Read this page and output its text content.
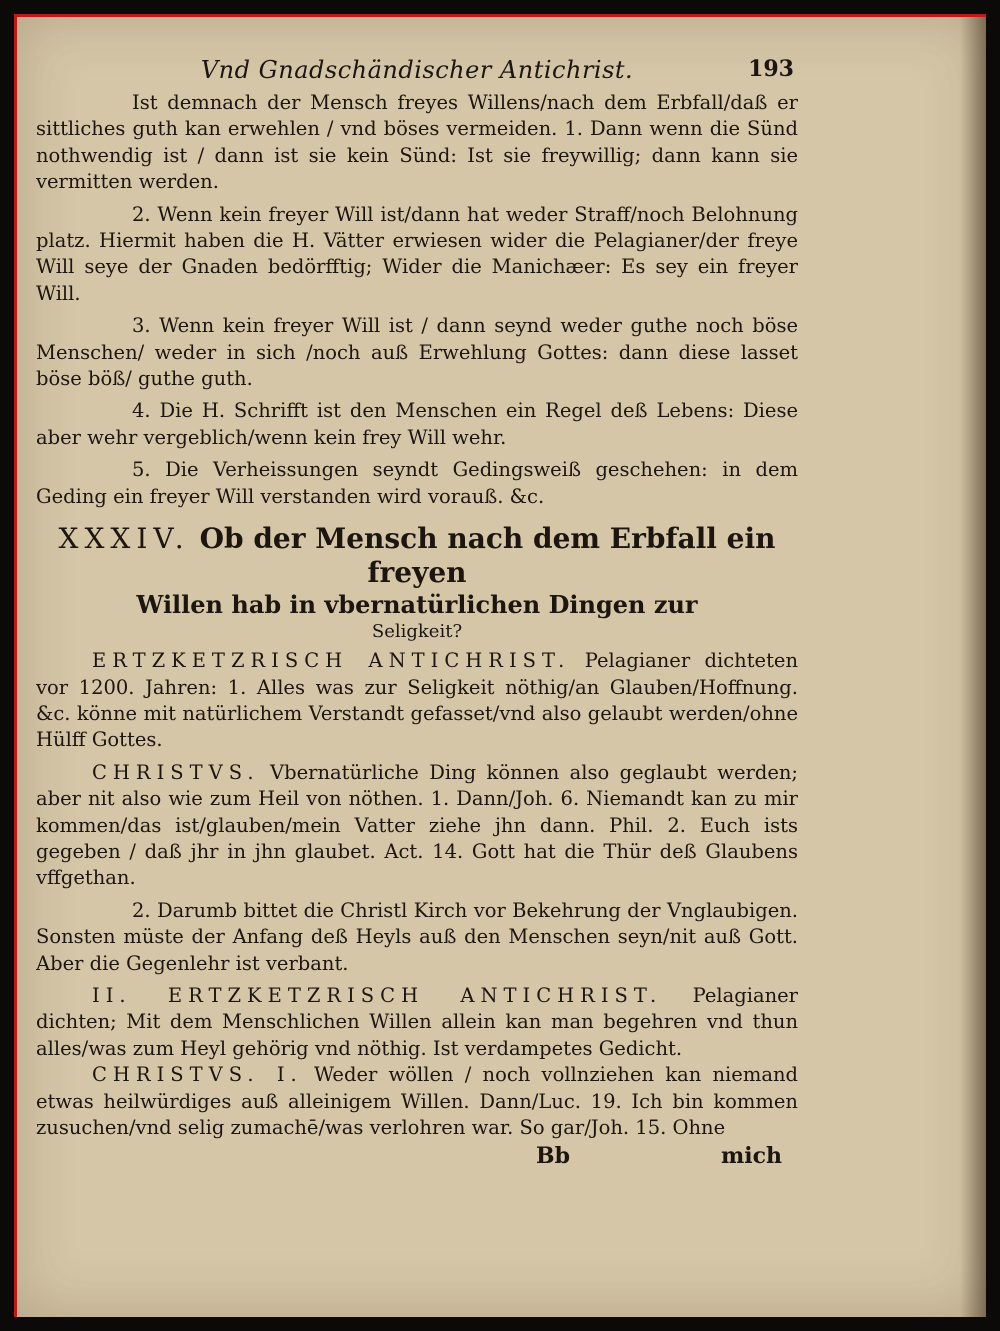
Vnd Gnadschändischer Antichrist.	193

Ist demnach der Mensch freyes Willens/nach dem Erbfall/daß er sittliches guth kan erwehlen / vnd böses vermeiden. 1. Dann wenn die Sünd nothwendig ist / dann ist sie kein Sünd: Ist sie freywillig; dann kann sie vermitten werden.

2. Wenn kein freyer Will ist/dann hat weder Straff/noch Belohnung platz. Hiermit haben die H. Vätter erwiesen wider die Pelagianer/der freye Will seye der Gnaden bedörfftig; Wider die Manichæer: Es sey ein freyer Will.

3. Wenn kein freyer Will ist / dann seynd weder guthe noch böse Menschen/ weder in sich /noch auß Erwehlung Gottes: dann diese lasset böse böß/ guthe guth.

4. Die H. Schrifft ist den Menschen ein Regel deß Lebens: Diese aber wehr vergeblich/wenn kein frey Will wehr.

5. Die Verheissungen seyndt Gedingsweiß geschehen: in dem Geding ein freyer Will verstanden wird vorauß. &c.

XXXIV. Ob der Mensch nach dem Erbfall ein freyen
Willen hab in vbernatürlichen Dingen zur
Seligkeit?

ERTZKETZRISCH ANTICHRIST. Pelagianer dichteten vor 1200. Jahren: 1. Alles was zur Seligkeit nöthig/an Glauben/Hoffnung. &c. könne mit natürlichem Verstandt gefasset/vnd also gelaubt werden/ohne Hülff Gottes.

CHRISTVS. Vbernatürliche Ding können also geglaubt werden; aber nit also wie zum Heil von nöthen. 1. Dann/Joh. 6. Niemandt kan zu mir kommen/das ist/glauben/mein Vatter ziehe jhn dann. Phil. 2. Euch ists gegeben / daß jhr in jhn glaubet. Act. 14. Gott hat die Thür deß Glaubens vffgethan.

2. Darumb bittet die Christl Kirch vor Bekehrung der Vnglaubigen. Sonsten müste der Anfang deß Heyls auß den Menschen seyn/nit auß Gott. Aber die Gegenlehr ist verbant.

II. ERTZKETZRISCH ANTICHRIST. Pelagianer dichten; Mit dem Menschlichen Willen allein kan man begehren vnd thun alles/was zum Heyl gehörig vnd nöthig. Ist verdampetes Gedicht.

CHRISTVS. I. Weder wöllen / noch vollnziehen kan niemand etwas heilwürdiges auß alleinigem Willen. Dann/Luc. 19. Ich bin kommen zusuchen/vnd selig zumachē/was verlohren war. So gar/Joh. 15. Ohne

Bb	mich
